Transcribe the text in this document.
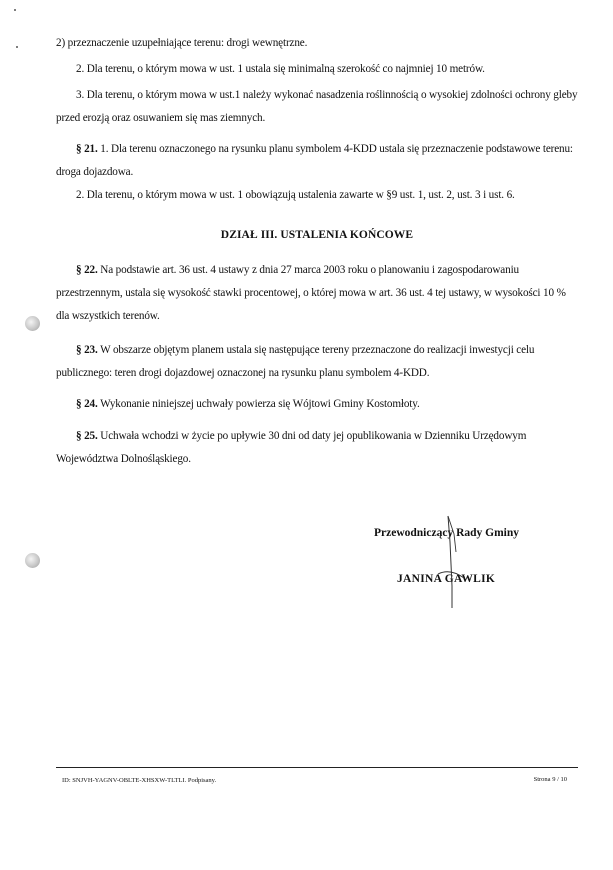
2) przeznaczenie uzupełniające terenu: drogi wewnętrzne.

2. Dla terenu, o którym mowa w ust. 1 ustala się minimalną szerokość co najmniej 10 metrów.

3. Dla terenu, o którym mowa w ust.1 należy wykonać nasadzenia roślinnością o wysokiej zdolności ochrony gleby przed erozją oraz osuwaniem się mas ziemnych.

§ 21. 1. Dla terenu oznaczonego na rysunku planu symbolem 4-KDD ustala się przeznaczenie podstawowe terenu: droga dojazdowa.

2. Dla terenu, o którym mowa w ust. 1 obowiązują ustalenia zawarte w §9 ust. 1, ust. 2, ust. 3 i ust. 6.

DZIAŁ III. USTALENIA KOŃCOWE

§ 22. Na podstawie art. 36 ust. 4 ustawy z dnia 27 marca 2003 roku o planowaniu i zagospodarowaniu przestrzennym, ustala się wysokość stawki procentowej, o której mowa w art. 36 ust. 4 tej ustawy, w wysokości 10 % dla wszystkich terenów.

§ 23. W obszarze objętym planem ustala się następujące tereny przeznaczone do realizacji inwestycji celu publicznego: teren drogi dojazdowej oznaczonej na rysunku planu symbolem 4-KDD.

§ 24. Wykonanie niniejszej uchwały powierza się Wójtowi Gminy Kostomłoty.

§ 25. Uchwała wchodzi w życie po upływie 30 dni od daty jej opublikowania w Dzienniku Urzędowym Województwa Dolnośląskiego.

Przewodniczący Rady Gminy
JANINA GAWLIK
ID: SNJVH-YAGNV-OBLTE-XHSXW-TLTLI. Podpisany.	Strona 9 / 10
